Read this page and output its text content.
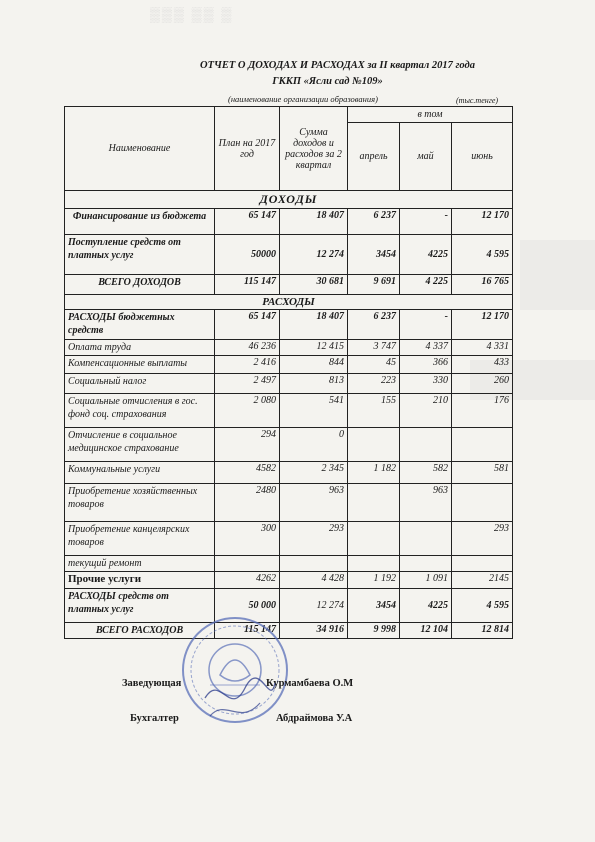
▒▒▒ ▒▒ ▒
ОТЧЕТ О ДОХОДАХ И РАСХОДАХ за II квартал 2017 года
ГККП «Ясли сад №109»
(наименование организации образования)	(тыс.тенге)
Наименование	План на 2017 год	Сумма доходов и расходов за 2 квартал	в том		
			апрель	май	июнь
ДОХОДЫ					
Финансирование из бюджета	65 147	18 407	6 237	-	12 170
Поступление средств от платных услуг	50000	12 274	3454	4225	4 595
ВСЕГО ДОХОДОВ	115 147	30 681	9 691	4 225	16 765
РАСХОДЫ					
РАСХОДЫ бюджетных средств	65 147	18 407	6 237	-	12 170
Оплата труда	46 236	12 415	3 747	4 337	4 331
Компенсационные выплаты	2 416	844	45	366	433
Социальный налог	2 497	813	223	330	260
Социальные отчисления в гос. фонд соц. страхования	2 080	541	155	210	176
Отчисление в социальное медицинское страхование	294	0			
Коммунальные услуги	4582	2 345	1 182	582	581
Приобретение хозяйственных товаров	2480	963		963	
Приобретение канцелярских товаров	300	293			293
текущий ремонт					
Прочие услуги	4262	4 428	1 192	1 091	2145
РАСХОДЫ средств от платных услуг	50 000	12 274	3454	4225	4 595
ВСЕГО РАСХОДОВ	115 147	34 916	9 998	12 104	12 814
Заведующая	Курмамбаева О.М
Бухгалтер	Абдраймова У.А
